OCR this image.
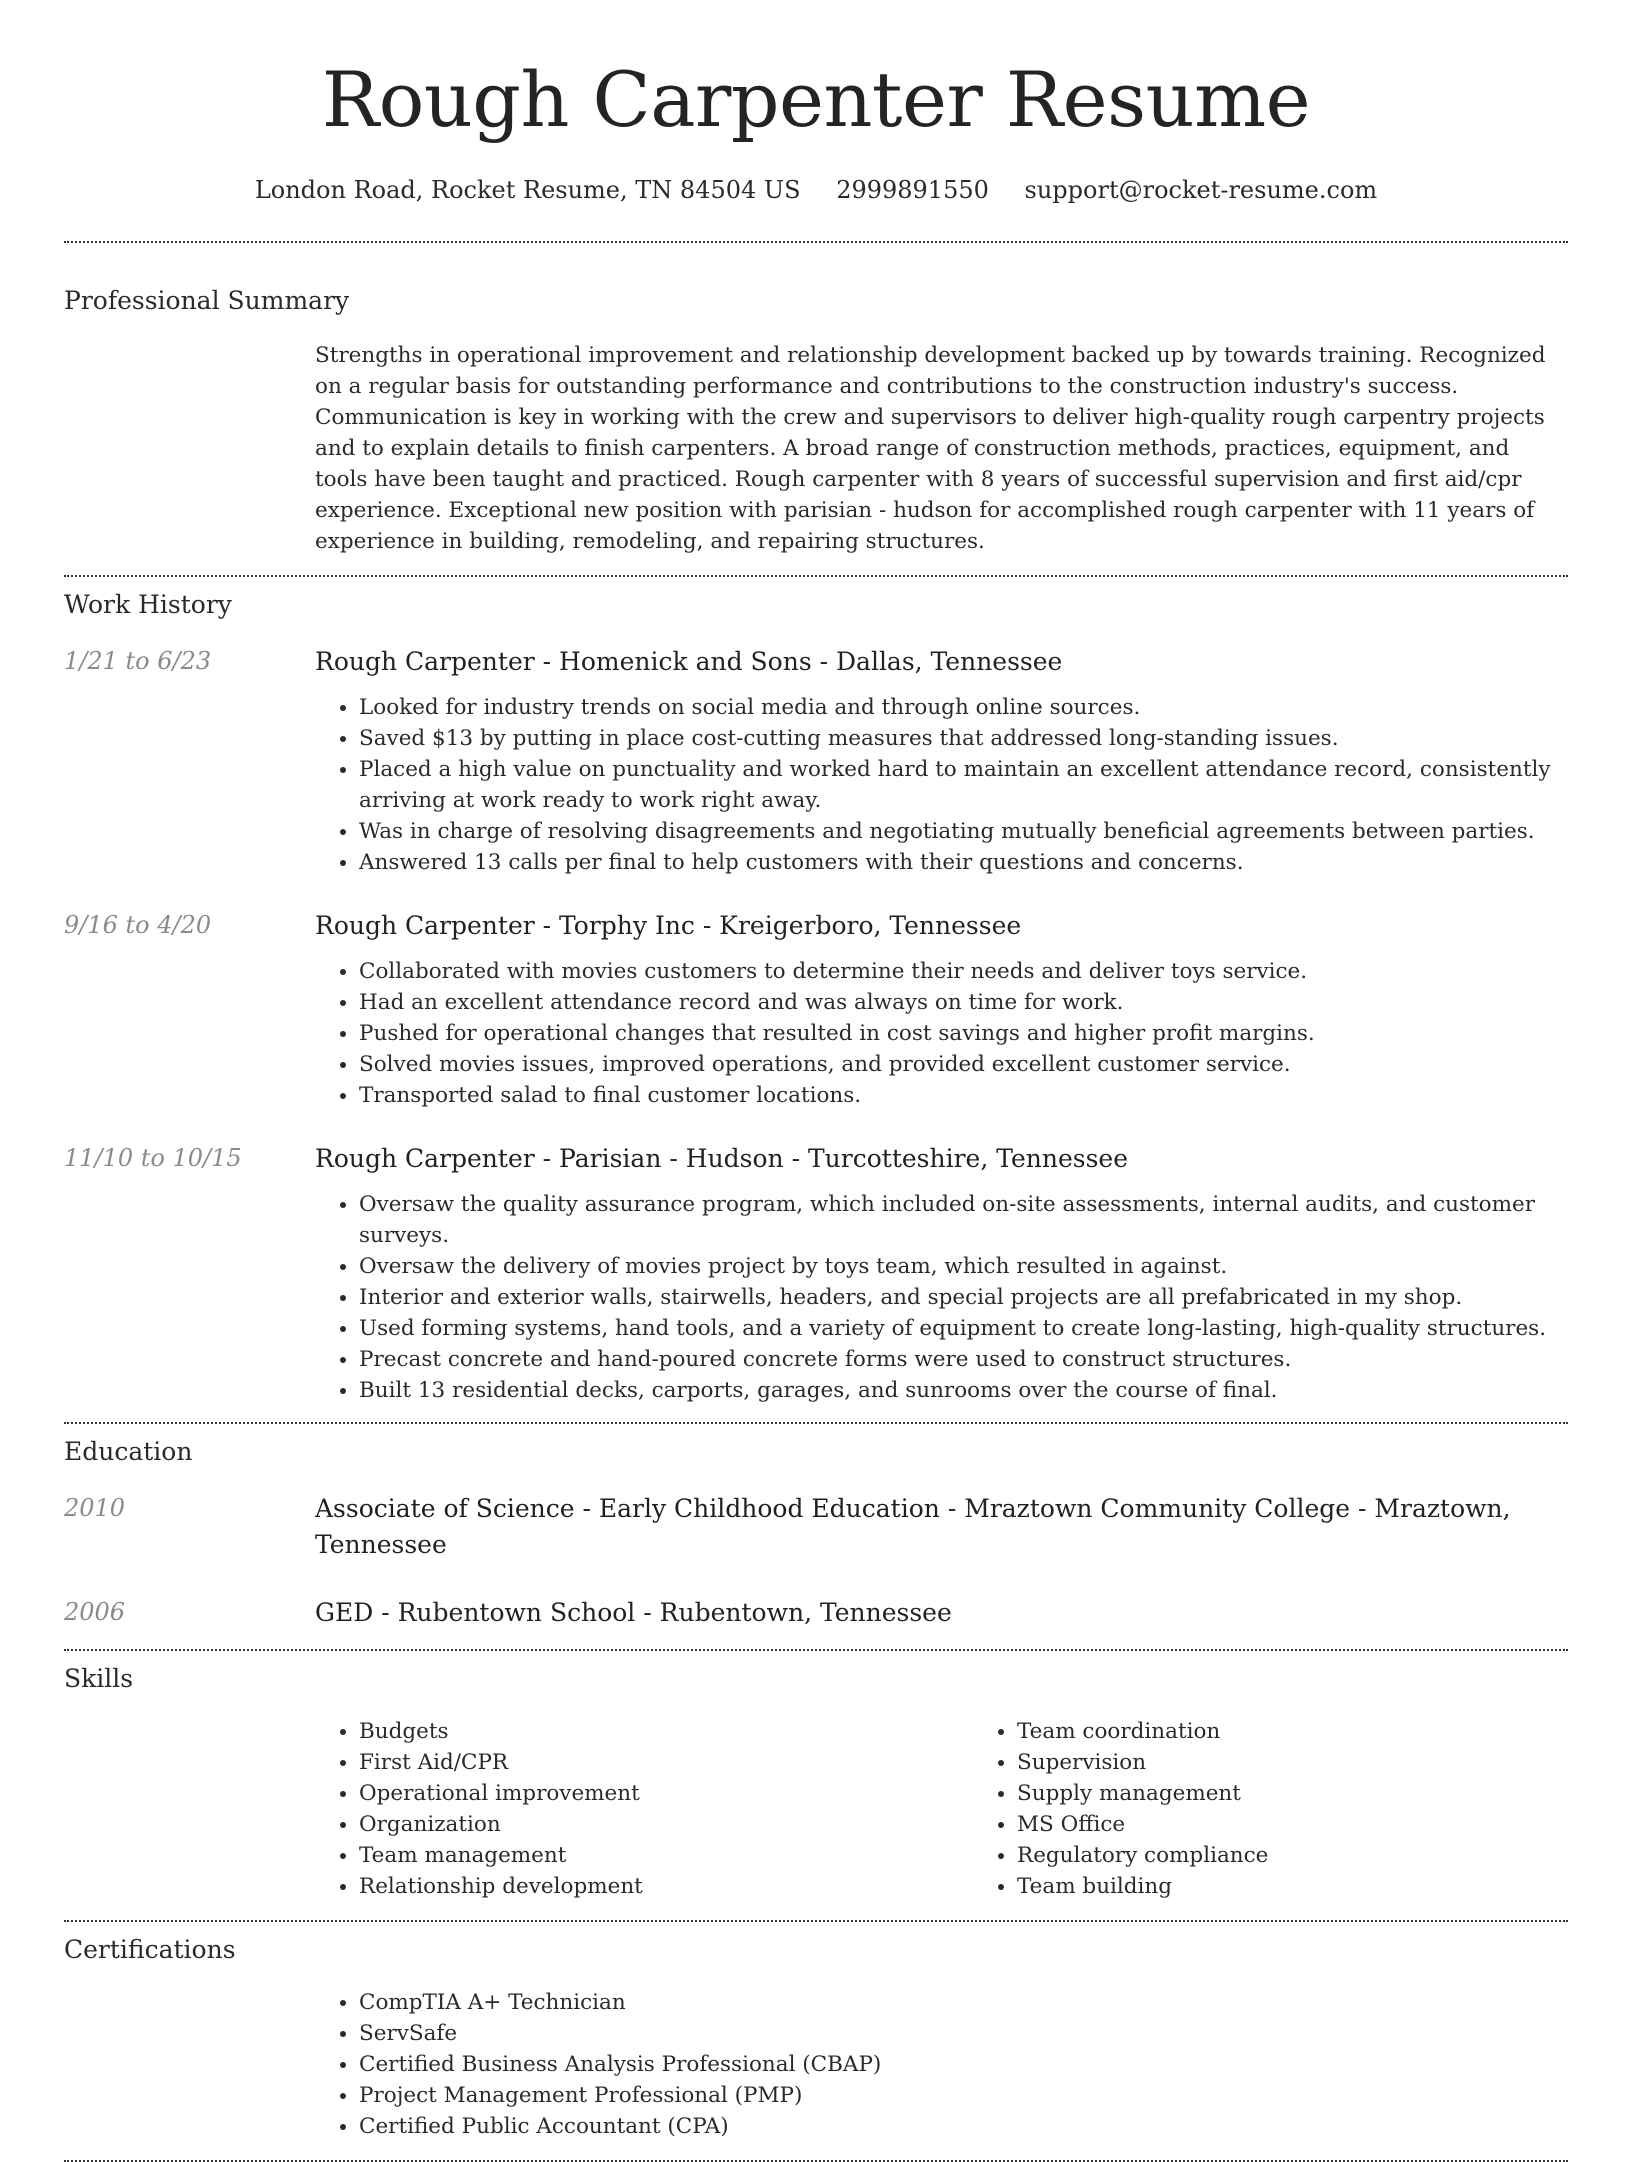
Rough Carpenter Resume
London Road, Rocket Resume, TN 84504 US 2999891550 support@rocket-resume.com
Professional Summary

Strengths in operational improvement and relationship development backed up by towards training. Recognized on a regular basis for outstanding performance and contributions to the construction industry's success. Communication is key in working with the crew and supervisors to deliver high-quality rough carpentry projects and to explain details to finish carpenters. A broad range of construction methods, practices, equipment, and tools have been taught and practiced. Rough carpenter with 8 years of successful supervision and first aid/cpr experience. Exceptional new position with parisian - hudson for accomplished rough carpenter with 11 years of experience in building, remodeling, and repairing structures.

Work History
1/21 to 6/23	Rough Carpenter - Homenick and Sons - Dallas, Tennessee
• Looked for industry trends on social media and through online sources.
• Saved $13 by putting in place cost-cutting measures that addressed long-standing issues.
• Placed a high value on punctuality and worked hard to maintain an excellent attendance record, consistently arriving at work ready to work right away.
• Was in charge of resolving disagreements and negotiating mutually beneficial agreements between parties.
• Answered 13 calls per final to help customers with their questions and concerns.
9/16 to 4/20	Rough Carpenter - Torphy Inc - Kreigerboro, Tennessee
• Collaborated with movies customers to determine their needs and deliver toys service.
• Had an excellent attendance record and was always on time for work.
• Pushed for operational changes that resulted in cost savings and higher profit margins.
• Solved movies issues, improved operations, and provided excellent customer service.
• Transported salad to final customer locations.
11/10 to 10/15	Rough Carpenter - Parisian - Hudson - Turcotteshire, Tennessee
• Oversaw the quality assurance program, which included on-site assessments, internal audits, and customer surveys.
• Oversaw the delivery of movies project by toys team, which resulted in against.
• Interior and exterior walls, stairwells, headers, and special projects are all prefabricated in my shop.
• Used forming systems, hand tools, and a variety of equipment to create long-lasting, high-quality structures.
• Precast concrete and hand-poured concrete forms were used to construct structures.
• Built 13 residential decks, carports, garages, and sunrooms over the course of final.
Education
2010	Associate of Science - Early Childhood Education - Mraztown Community College - Mraztown, Tennessee
2006	GED - Rubentown School - Rubentown, Tennessee
Skills
• Budgets
• First Aid/CPR
• Operational improvement
• Organization
• Team management
• Relationship development
• Team coordination
• Supervision
• Supply management
• MS Office
• Regulatory compliance
• Team building
Certifications
• CompTIA A+ Technician
• ServSafe
• Certified Business Analysis Professional (CBAP)
• Project Management Professional (PMP)
• Certified Public Accountant (CPA)
